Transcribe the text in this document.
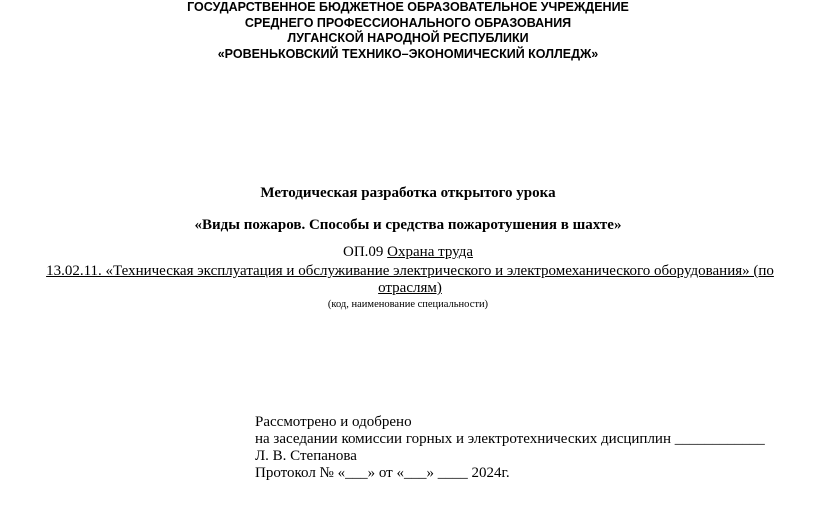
ГОСУДАРСТВЕННОЕ БЮДЖЕТНОЕ ОБРАЗОВАТЕЛЬНОЕ УЧРЕЖДЕНИЕ
СРЕДНЕГО ПРОФЕССИОНАЛЬНОГО ОБРАЗОВАНИЯ
ЛУГАНСКОЙ НАРОДНОЙ РЕСПУБЛИКИ
«РОВЕНЬКОВСКИЙ ТЕХНИКО–ЭКОНОМИЧЕСКИЙ КОЛЛЕДЖ»
Методическая разработка открытого урока
«Виды пожаров. Способы и средства пожаротушения в шахте»
ОП.09 Охрана труда
13.02.11. «Техническая эксплуатация и обслуживание электрического и электромеханического оборудования» (по отраслям)
(код, наименование специальности)
Рассмотрено и одобрено
на заседании комиссии горных и электротехнических дисциплин ____________
Л. В. Степанова
Протокол № «___» от «___» ____ 2024г.
